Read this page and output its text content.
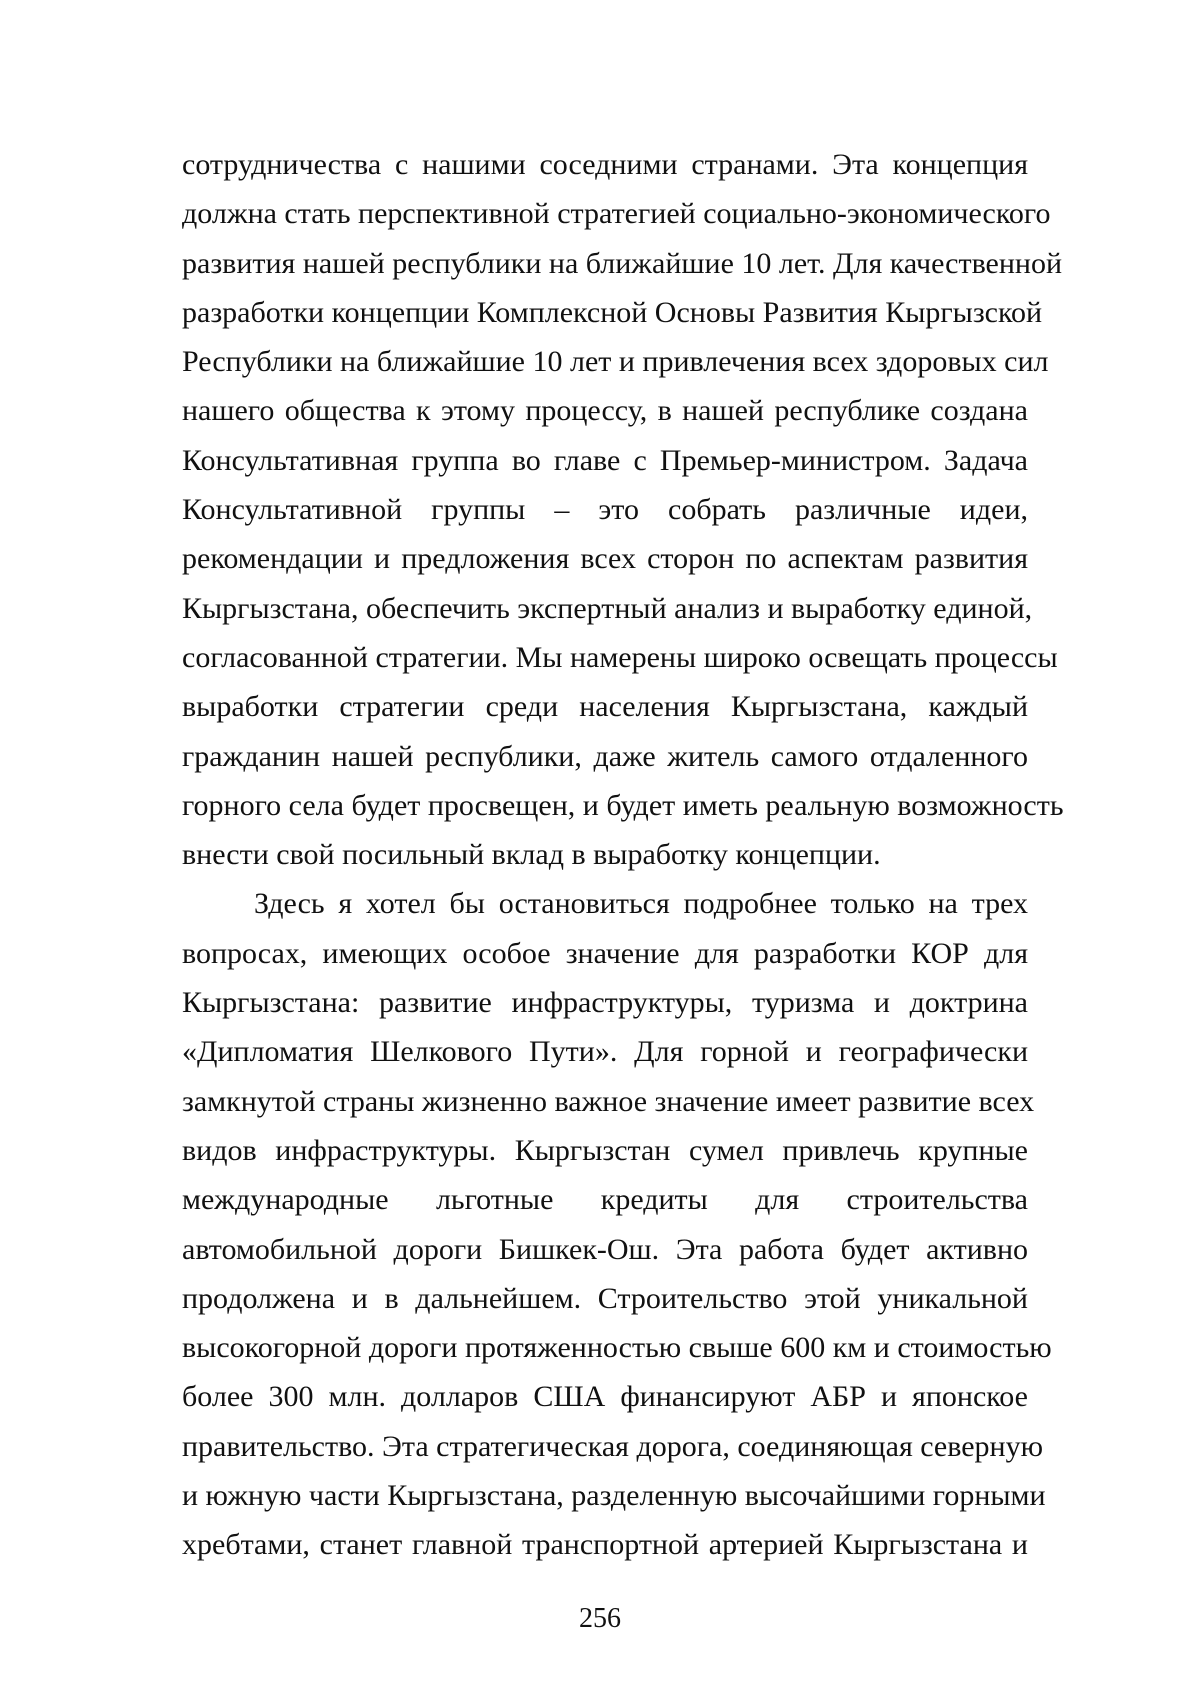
сотрудничества с нашими соседними странами. Эта концепция
должна стать перспективной стратегией социально-экономического
развития нашей республики на ближайшие 10 лет. Для качественной
разработки концепции Комплексной Основы Развития Кыргызской
Республики на ближайшие 10 лет и привлечения всех здоровых сил
нашего общества к этому процессу, в нашей республике создана
Консультативная группа во главе с Премьер-министром. Задача
Консультативной группы – это собрать различные идеи,
рекомендации и предложения всех сторон по аспектам развития
Кыргызстана, обеспечить экспертный анализ и выработку единой,
согласованной стратегии. Мы намерены широко освещать процессы
выработки стратегии среди населения Кыргызстана, каждый
гражданин нашей республики, даже житель самого отдаленного
горного села будет просвещен, и будет иметь реальную возможность
внести свой посильный вклад в выработку концепции.
Здесь я хотел бы остановиться подробнее только на трех
вопросах, имеющих особое значение для разработки КОР для
Кыргызстана: развитие инфраструктуры, туризма и доктрина
«Дипломатия Шелкового Пути». Для горной и географически
замкнутой страны жизненно важное значение имеет развитие всех
видов инфраструктуры. Кыргызстан сумел привлечь крупные
международные льготные кредиты для строительства
автомобильной дороги Бишкек-Ош. Эта работа будет активно
продолжена и в дальнейшем. Строительство этой уникальной
высокогорной дороги протяженностью свыше 600 км и стоимостью
более 300 млн. долларов США финансируют АБР и японское
правительство. Эта стратегическая дорога, соединяющая северную
и южную части Кыргызстана, разделенную высочайшими горными
хребтами, станет главной транспортной артерией Кыргызстана и
256
